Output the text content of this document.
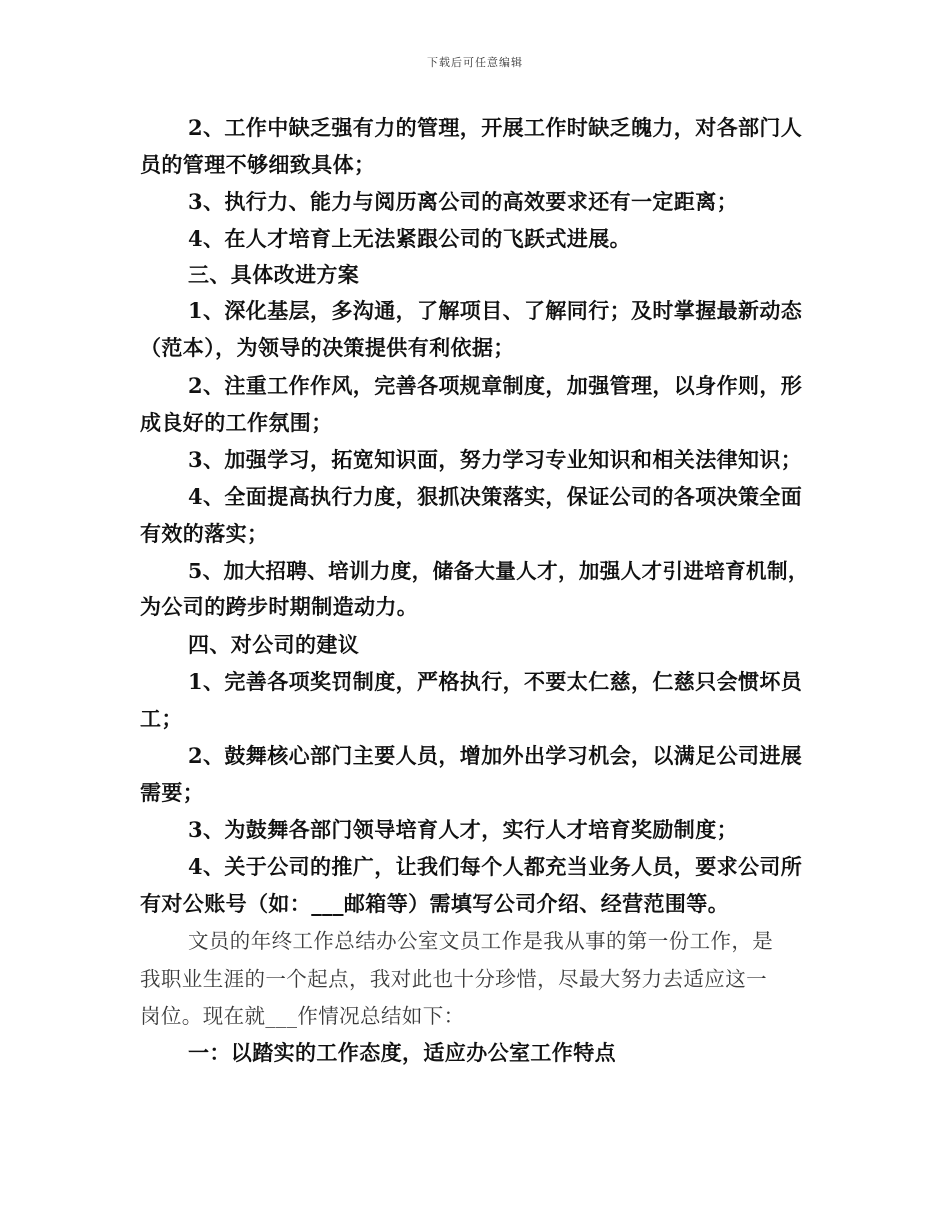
下载后可任意编辑
2、工作中缺乏强有力的管理，开展工作时缺乏魄力，对各部门人
员的管理不够细致具体；
3、执行力、能力与阅历离公司的高效要求还有一定距离；
4、在人才培育上无法紧跟公司的飞跃式进展。
三、具体改进方案
1、深化基层，多沟通，了解项目、了解同行；及时掌握最新动态
（范本），为领导的决策提供有利依据；
2、注重工作作风，完善各项规章制度，加强管理，以身作则，形
成良好的工作氛围；
3、加强学习，拓宽知识面，努力学习专业知识和相关法律知识；
4、全面提高执行力度，狠抓决策落实，保证公司的各项决策全面
有效的落实；
5、加大招聘、培训力度，储备大量人才，加强人才引进培育机制，
为公司的跨步时期制造动力。
四、对公司的建议
1、完善各项奖罚制度，严格执行，不要太仁慈，仁慈只会惯坏员
工；
2、鼓舞核心部门主要人员，增加外出学习机会，以满足公司进展
需要；
3、为鼓舞各部门领导培育人才，实行人才培育奖励制度；
4、关于公司的推广，让我们每个人都充当业务人员，要求公司所
有对公账号（如：___邮箱等）需填写公司介绍、经营范围等。
文员的年终工作总结办公室文员工作是我从事的第一份工作，是
我职业生涯的一个起点，我对此也十分珍惜，尽最大努力去适应这一
岗位。现在就___作情况总结如下：
一：以踏实的工作态度，适应办公室工作特点
